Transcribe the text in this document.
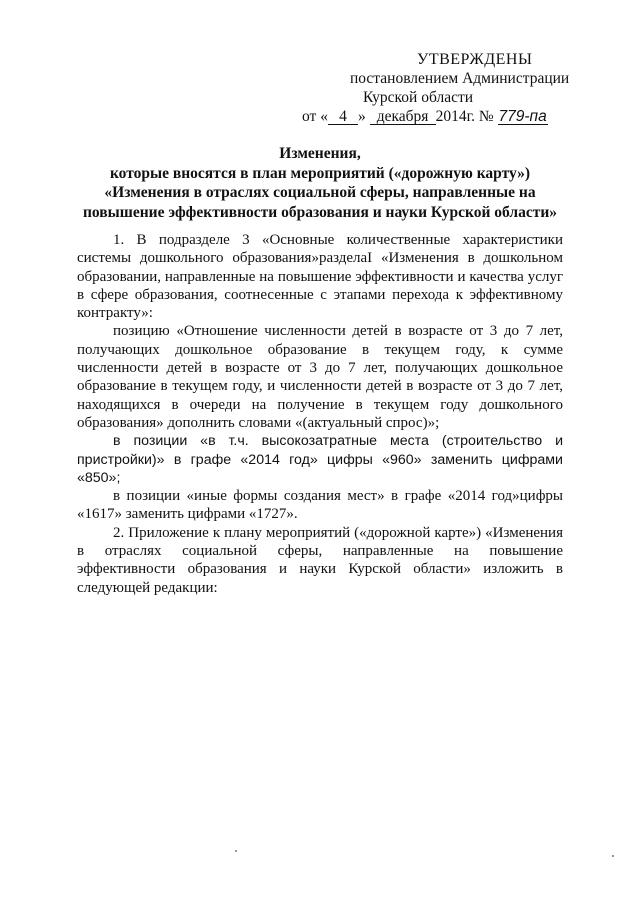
УТВЕРЖДЕНЫ
постановлением Администрации
Курской области
от « 4 » декабря 2014г. № 779-па
Изменения,
которые вносятся в план мероприятий («дорожную карту»)
«Изменения в отраслях социальной сферы, направленные на
повышение эффективности образования и науки Курской области»

1. В подразделе 3 «Основные количественные характеристики системы дошкольного образования»разделаI «Изменения в дошкольном образовании, направленные на повышение эффективности и качества услуг в сфере образования, соотнесенные с этапами перехода к эффективному контракту»:

позицию «Отношение численности детей в возрасте от 3 до 7 лет, получающих дошкольное образование в текущем году, к сумме численности детей в возрасте от 3 до 7 лет, получающих дошкольное образование в текущем году, и численности детей в возрасте от 3 до 7 лет, находящихся в очереди на получение в текущем году дошкольного образования» дополнить словами «(актуальный спрос)»;

в позиции «в т.ч. высокозатратные места (строительство и пристройки)» в графе «2014 год» цифры «960» заменить цифрами «850»;

в позиции «иные формы создания мест» в графе «2014 год»цифры «1617» заменить цифрами «1727».

2. Приложение к плану мероприятий («дорожной карте») «Изменения в отраслях социальной сферы, направленные на повышение эффективности образования и науки Курской области» изложить в следующей редакции:
